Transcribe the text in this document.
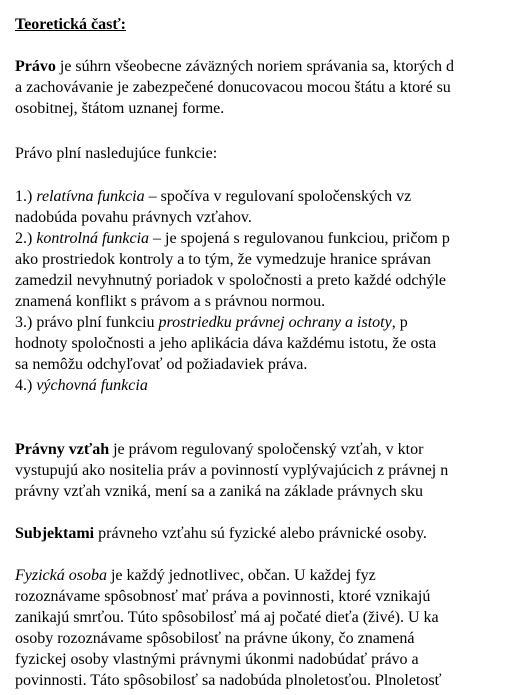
Teoretická časť:
Právo je súhrn všeobecne záväzných noriem správania sa, ktorých d
a zachovávanie je zabezpečené donucovacou mocou štátu a ktoré su
osobitnej, štátom uznanej forme.
Právo plní nasledujúce funkcie:
1.) relatívna funkcia – spočíva v regulovaní spoločenských vz
nadobúda povahu právnych vzťahov.
2.) kontrolná funkcia – je spojená s regulovanou funkciou, pričom p
ako prostriedok kontroly a to tým, že vymedzuje hranice správan
zamedzil nevyhnutný poriadok v spoločnosti a preto každé odchýle
znamená konflikt s právom a s právnou normou.
3.) právo plní funkciu prostriedku právnej ochrany a istoty, p
hodnoty spoločnosti a jeho aplikácia dáva každému istotu, že osta
sa nemôžu odchyľovať od požiadaviek práva.
4.) výchovná funkcia
Právny vzťah je právom regulovaný spoločenský vzťah, v ktor
vystupujú ako nositelia práv a povinností vyplývajúcich z právnej n
právny vzťah vzniká, mení sa a zaniká na základe právnych sku
Subjektami právneho vzťahu sú fyzické alebo právnické osoby.
Fyzická osoba je každý jednotlivec, občan. U každej fyz
rozoznávame spôsobnosť mať práva a povinnosti, ktoré vznikajú
zanikajú smrťou. Túto spôsobilosť má aj počaté dieťa (živé). U ka
osoby rozoznávame spôsobilosť na právne úkony, čo znamená
fyzickej osoby vlastnými právnymi úkonmi nadobúdať právo a
povinnosti. Táto spôsobilosť sa nadobúda plnoletosťou. Plnoletosť
